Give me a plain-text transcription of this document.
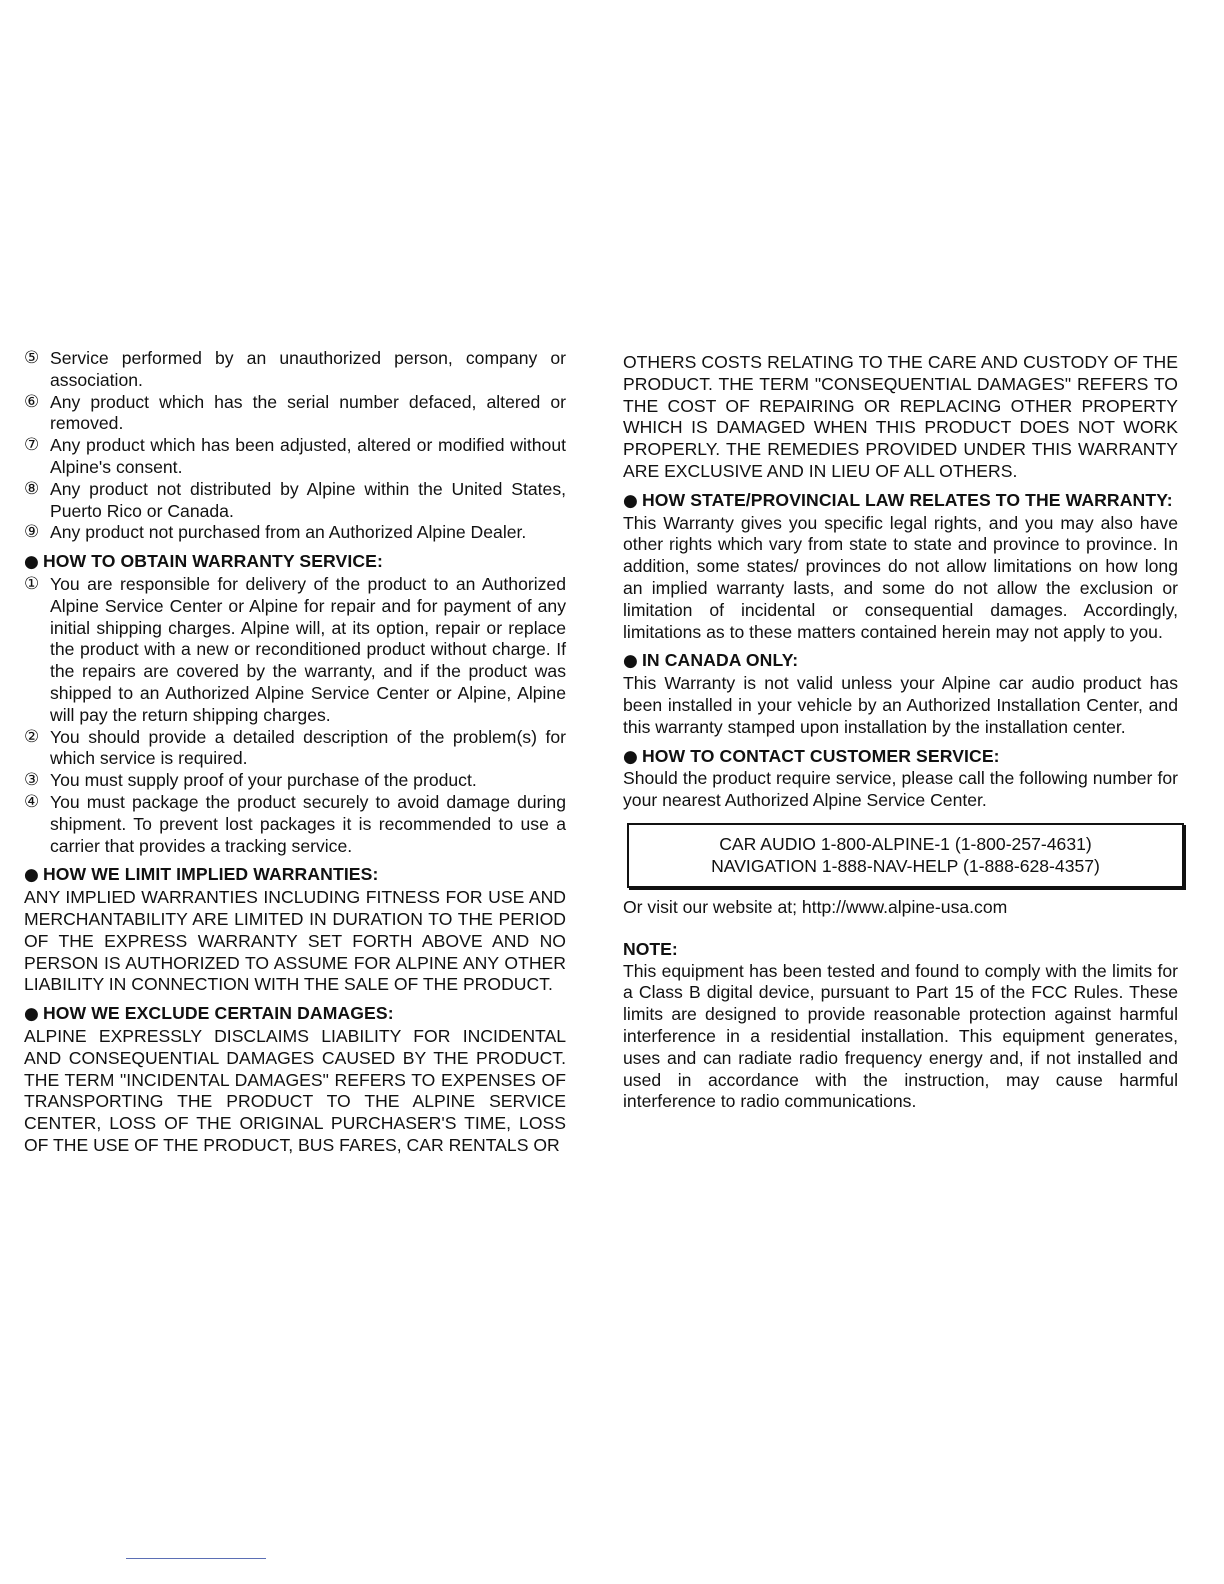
⑤ Service performed by an unauthorized person, company or association.
⑥ Any product which has the serial number defaced, altered or removed.
⑦ Any product which has been adjusted, altered or modified without Alpine's consent.
⑧ Any product not distributed by Alpine within the United States, Puerto Rico or Canada.
⑨ Any product not purchased from an Authorized Alpine Dealer.
● HOW TO OBTAIN WARRANTY SERVICE:
① You are responsible for delivery of the product to an Authorized Alpine Service Center or Alpine for repair and for payment of any initial shipping charges. Alpine will, at its option, repair or replace the product with a new or reconditioned product without charge. If the repairs are covered by the warranty, and if the product was shipped to an Authorized Alpine Service Center or Alpine, Alpine will pay the return shipping charges.
② You should provide a detailed description of the problem(s) for which service is required.
③ You must supply proof of your purchase of the product.
④ You must package the product securely to avoid damage during shipment. To prevent lost packages it is recommended to use a carrier that provides a tracking service.
● HOW WE LIMIT IMPLIED WARRANTIES:

ANY IMPLIED WARRANTIES INCLUDING FITNESS FOR USE AND MERCHANTABILITY ARE LIMITED IN DURATION TO THE PERIOD OF THE EXPRESS WARRANTY SET FORTH ABOVE AND NO PERSON IS AUTHORIZED TO ASSUME FOR ALPINE ANY OTHER LIABILITY IN CONNECTION WITH THE SALE OF THE PRODUCT.

● HOW WE EXCLUDE CERTAIN DAMAGES:

ALPINE EXPRESSLY DISCLAIMS LIABILITY FOR INCIDENTAL AND CONSEQUENTIAL DAMAGES CAUSED BY THE PRODUCT. THE TERM "INCIDENTAL DAMAGES" REFERS TO EXPENSES OF TRANSPORTING THE PRODUCT TO THE ALPINE SERVICE CENTER, LOSS OF THE ORIGINAL PURCHASER'S TIME, LOSS OF THE USE OF THE PRODUCT, BUS FARES, CAR RENTALS OR

OTHERS COSTS RELATING TO THE CARE AND CUSTODY OF THE PRODUCT. THE TERM "CONSEQUENTIAL DAMAGES" REFERS TO THE COST OF REPAIRING OR REPLACING OTHER PROPERTY WHICH IS DAMAGED WHEN THIS PRODUCT DOES NOT WORK PROPERLY. THE REMEDIES PROVIDED UNDER THIS WARRANTY ARE EXCLUSIVE AND IN LIEU OF ALL OTHERS.

● HOW STATE/PROVINCIAL LAW RELATES TO THE WARRANTY:

This Warranty gives you specific legal rights, and you may also have other rights which vary from state to state and province to province. In addition, some states/ provinces do not allow limitations on how long an implied warranty lasts, and some do not allow the exclusion or limitation of incidental or consequential damages. Accordingly, limitations as to these matters contained herein may not apply to you.

● IN CANADA ONLY:

This Warranty is not valid unless your Alpine car audio product has been installed in your vehicle by an Authorized Installation Center, and this warranty stamped upon installation by the installation center.

● HOW TO CONTACT CUSTOMER SERVICE:

Should the product require service, please call the following number for your nearest Authorized Alpine Service Center.

CAR AUDIO 1-800-ALPINE-1 (1-800-257-4631)
NAVIGATION 1-888-NAV-HELP (1-888-628-4357)
Or visit our website at; http://www.alpine-usa.com
NOTE:

This equipment has been tested and found to comply with the limits for a Class B digital device, pursuant to Part 15 of the FCC Rules. These limits are designed to provide reasonable protection against harmful interference in a residential installation. This equipment generates, uses and can radiate radio frequency energy and, if not installed and used in accordance with the instruction, may cause harmful interference to radio communications.
